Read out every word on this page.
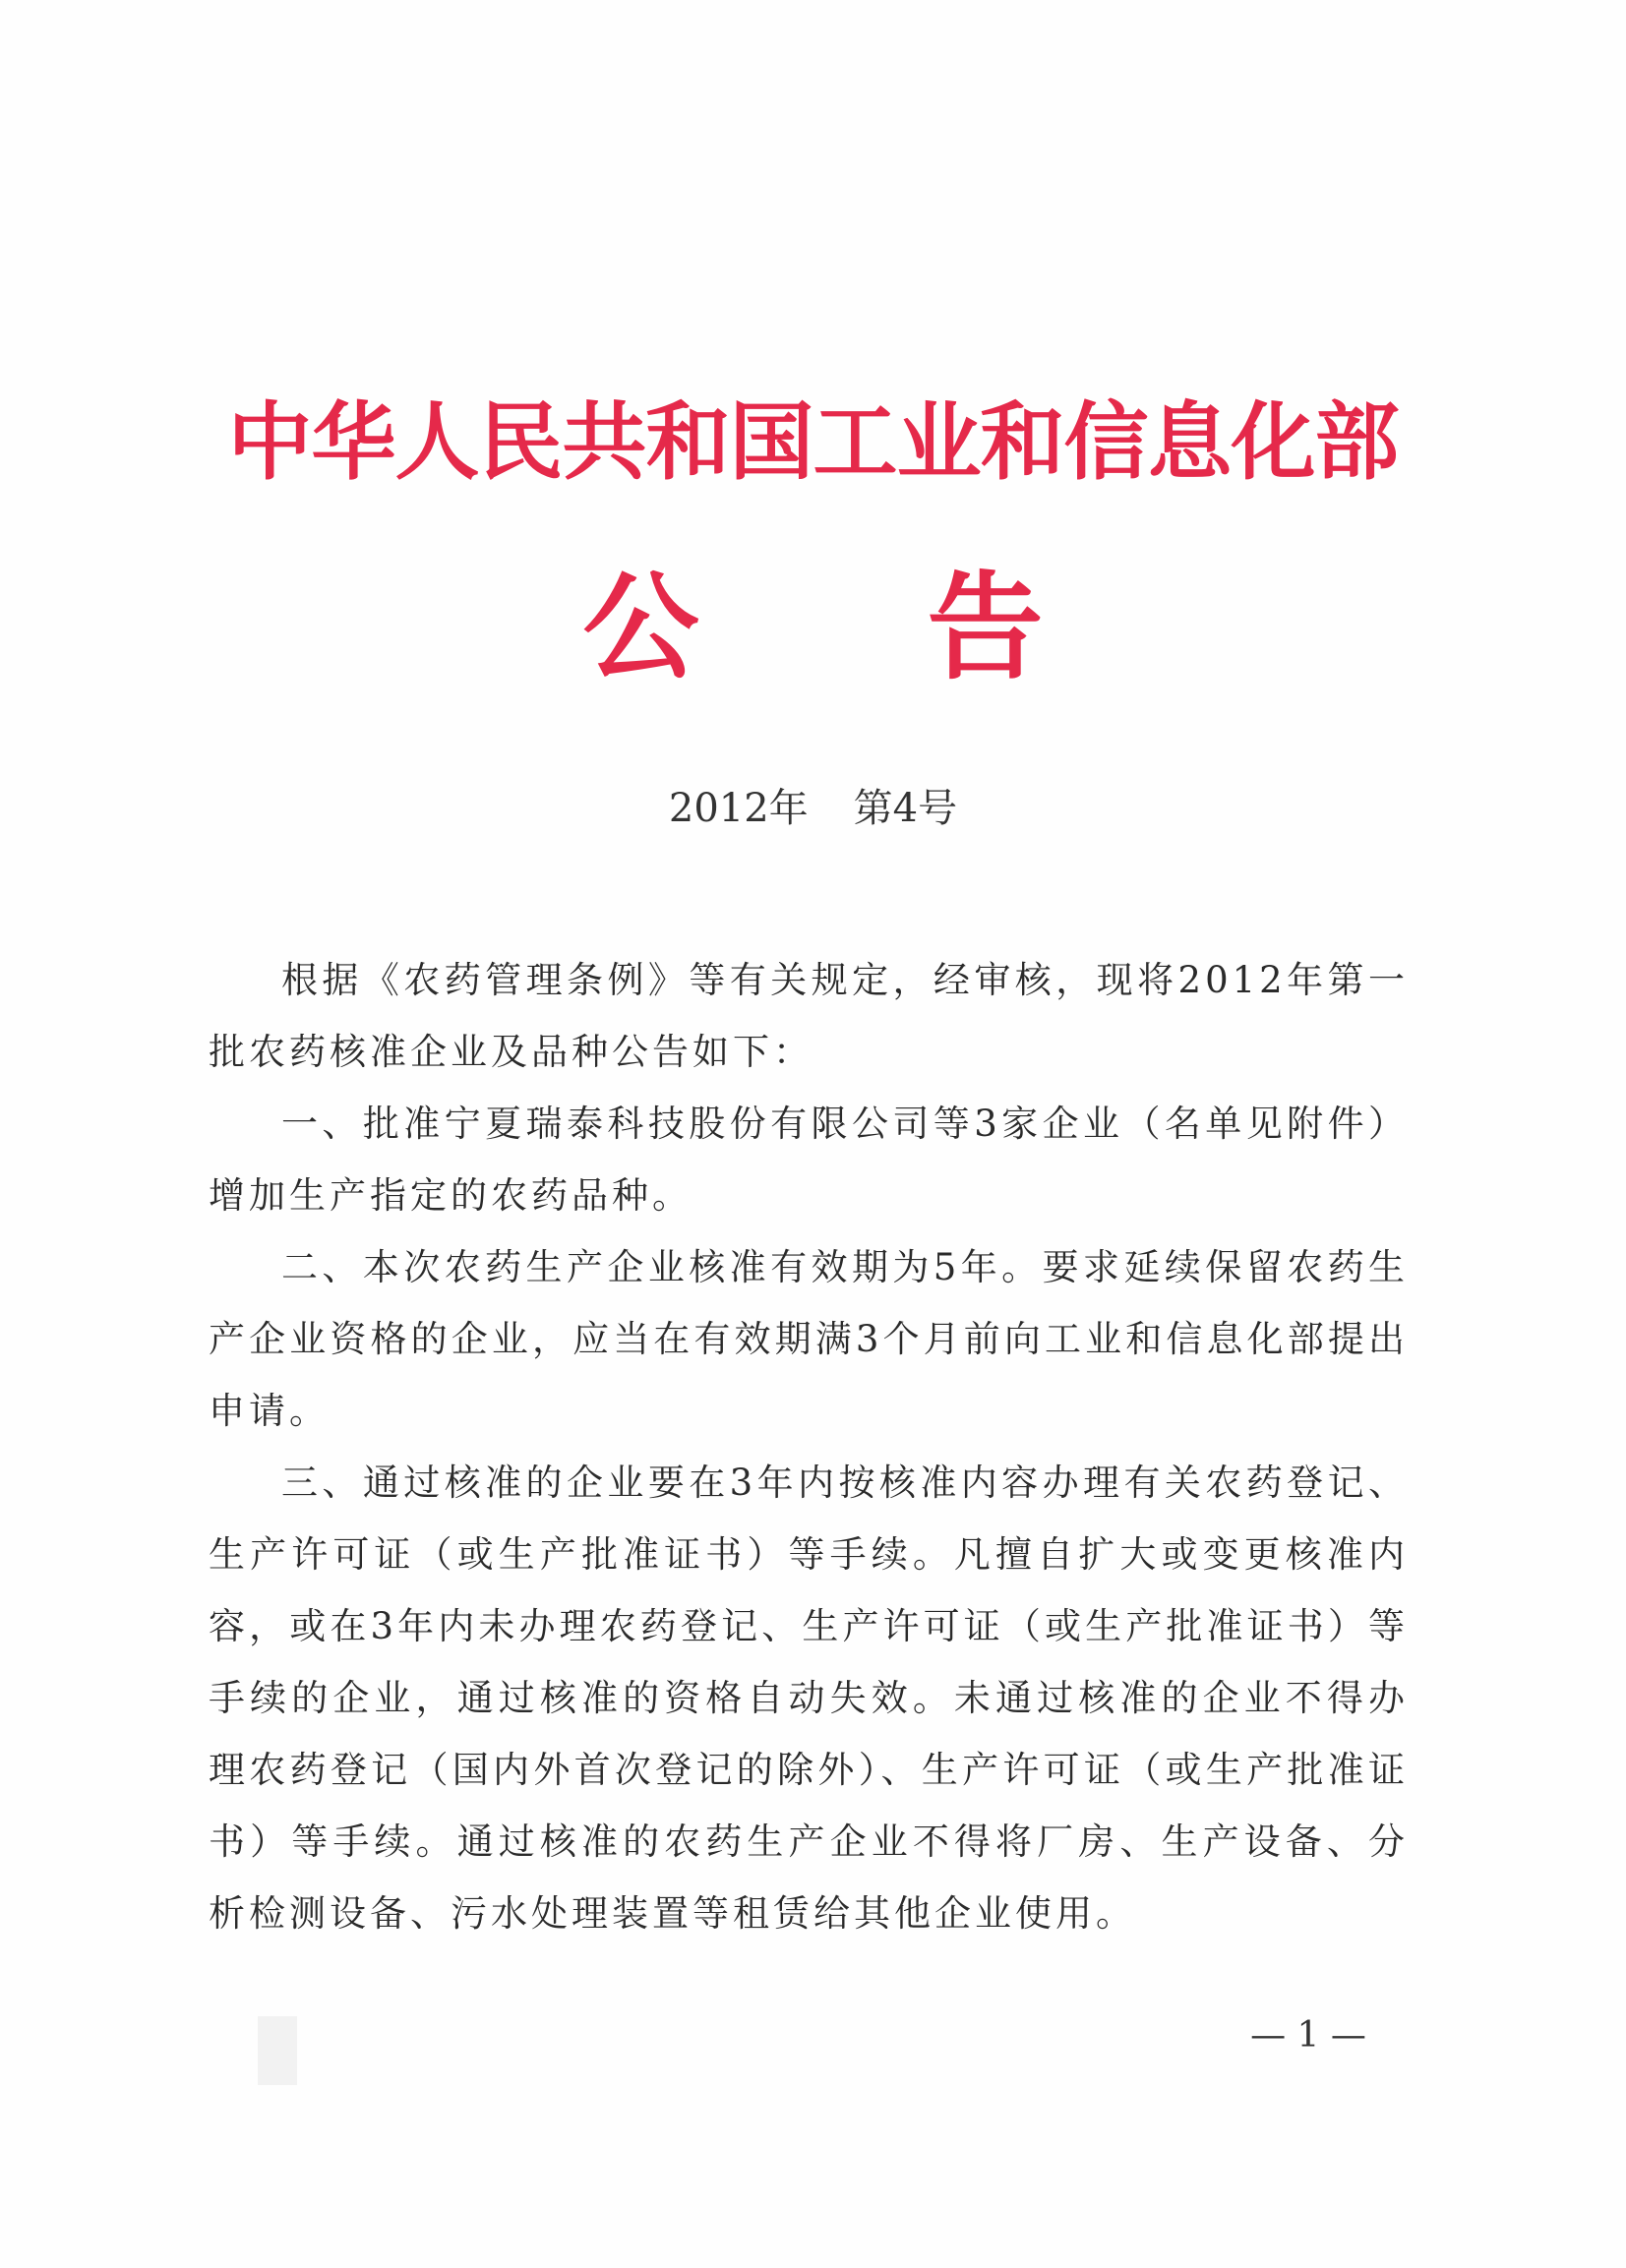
中华人民共和国工业和信息化部
公 告
2012年 第4号

根据《农药管理条例》等有关规定，经审核，现将2012年第一批农药核准企业及品种公告如下：

一、批准宁夏瑞泰科技股份有限公司等3家企业（名单见附件）增加生产指定的农药品种。

二、本次农药生产企业核准有效期为5年。要求延续保留农药生产企业资格的企业，应当在有效期满3个月前向工业和信息化部提出申请。

三、通过核准的企业要在3年内按核准内容办理有关农药登记、生产许可证（或生产批准证书）等手续。凡擅自扩大或变更核准内容，或在3年内未办理农药登记、生产许可证（或生产批准证书）等手续的企业，通过核准的资格自动失效。未通过核准的企业不得办理农药登记（国内外首次登记的除外）、生产许可证（或生产批准证书）等手续。通过核准的农药生产企业不得将厂房、生产设备、分析检测设备、污水处理装置等租赁给其他企业使用。

— 1 —
